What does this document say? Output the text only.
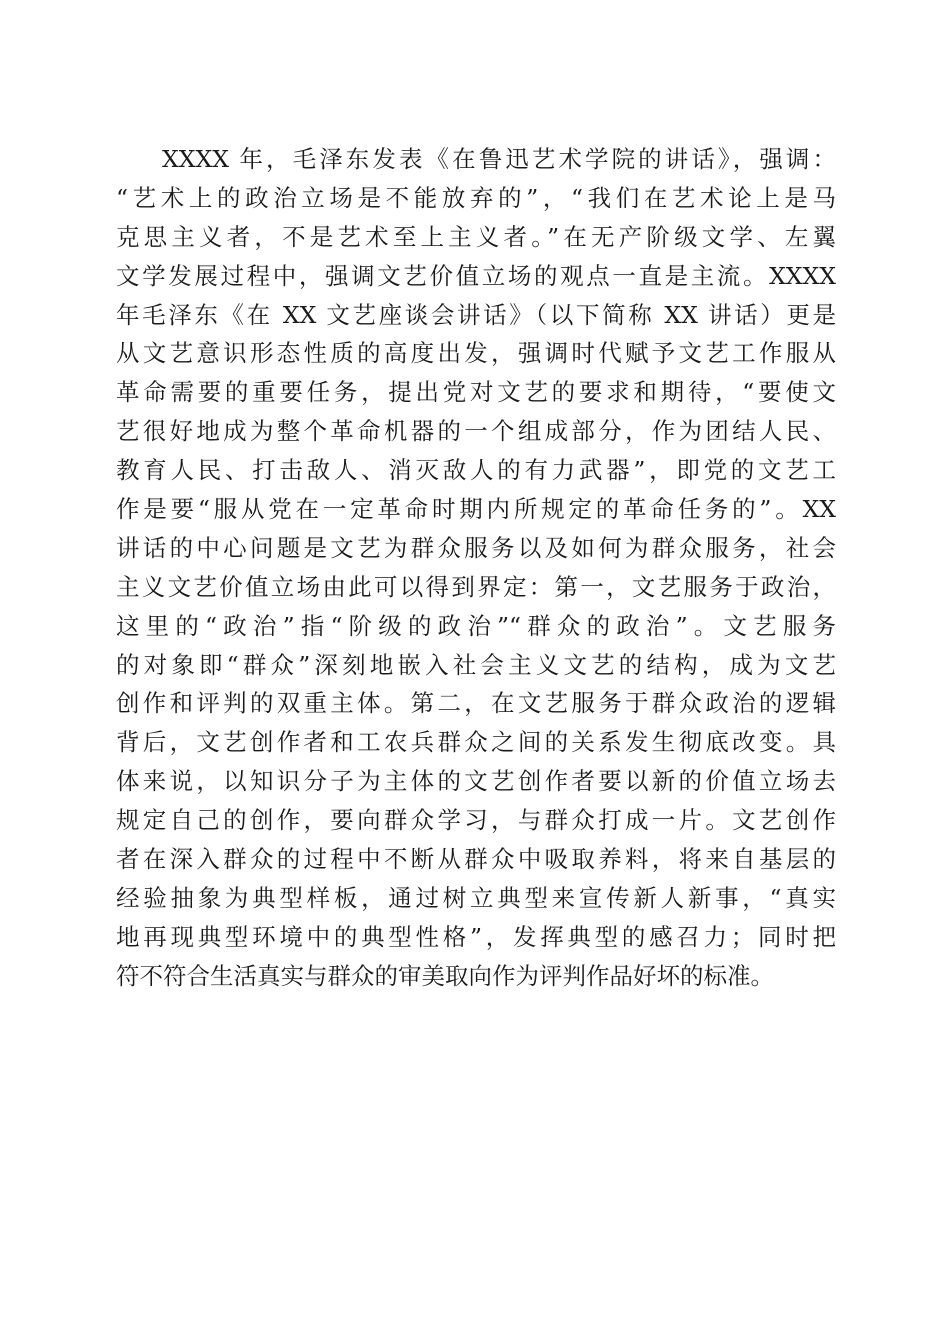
XXXX 年，毛泽东发表《在鲁迅艺术学院的讲话》，强调：
“艺术上的政治立场是不能放弃的”，“我们在艺术论上是马
克思主义者，不是艺术至上主义者。”在无产阶级文学、左翼
文学发展过程中，强调文艺价值立场的观点一直是主流。XXXX
年毛泽东《在 XX 文艺座谈会讲话》（以下简称 XX 讲话）更是
从文艺意识形态性质的高度出发，强调时代赋予文艺工作服从
革命需要的重要任务，提出党对文艺的要求和期待，“要使文
艺很好地成为整个革命机器的一个组成部分，作为团结人民、
教育人民、打击敌人、消灭敌人的有力武器”，即党的文艺工
作是要“服从党在一定革命时期内所规定的革命任务的”。XX
讲话的中心问题是文艺为群众服务以及如何为群众服务，社会
主义文艺价值立场由此可以得到界定：第一，文艺服务于政治，
这里的“政治”指“阶级的政治”“群众的政治”。文艺服务
的对象即“群众”深刻地嵌入社会主义文艺的结构，成为文艺
创作和评判的双重主体。第二，在文艺服务于群众政治的逻辑
背后，文艺创作者和工农兵群众之间的关系发生彻底改变。具
体来说，以知识分子为主体的文艺创作者要以新的价值立场去
规定自己的创作，要向群众学习，与群众打成一片。文艺创作
者在深入群众的过程中不断从群众中吸取养料，将来自基层的
经验抽象为典型样板，通过树立典型来宣传新人新事，“真实
地再现典型环境中的典型性格”，发挥典型的感召力；同时把
符不符合生活真实与群众的审美取向作为评判作品好坏的标准。
